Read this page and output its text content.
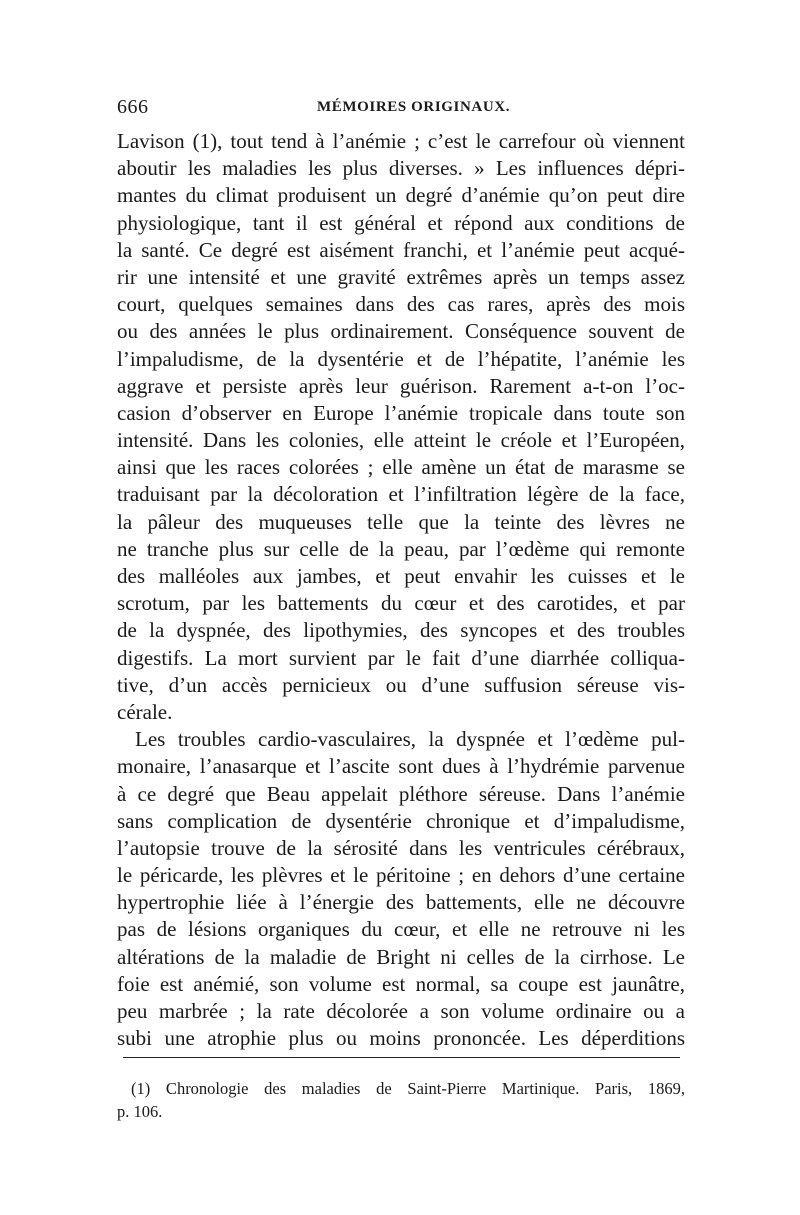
666	MÉMOIRES ORIGINAUX.
Lavison (1), tout tend à l’anémie ; c’est le carrefour où viennent
aboutir les maladies les plus diverses. » Les influences dépri-
mantes du climat produisent un degré d’anémie qu’on peut dire
physiologique, tant il est général et répond aux conditions de
la santé. Ce degré est aisément franchi, et l’anémie peut acqué-
rir une intensité et une gravité extrêmes après un temps assez
court, quelques semaines dans des cas rares, après des mois
ou des années le plus ordinairement. Conséquence souvent de
l’impaludisme, de la dysentérie et de l’hépatite, l’anémie les
aggrave et persiste après leur guérison. Rarement a-t-on l’oc-
casion d’observer en Europe l’anémie tropicale dans toute son
intensité. Dans les colonies, elle atteint le créole et l’Européen,
ainsi que les races colorées ; elle amène un état de marasme se
traduisant par la décoloration et l’infiltration légère de la face,
la pâleur des muqueuses telle que la teinte des lèvres ne
ne tranche plus sur celle de la peau, par l’œdème qui remonte
des malléoles aux jambes, et peut envahir les cuisses et le
scrotum, par les battements du cœur et des carotides, et par
de la dyspnée, des lipothymies, des syncopes et des troubles
digestifs. La mort survient par le fait d’une diarrhée colliqua-
tive, d’un accès pernicieux ou d’une suffusion séreuse vis-
cérale.
Les troubles cardio-vasculaires, la dyspnée et l’œdème pul-
monaire, l’anasarque et l’ascite sont dues à l’hydrémie parvenue
à ce degré que Beau appelait pléthore séreuse. Dans l’anémie
sans complication de dysentérie chronique et d’impaludisme,
l’autopsie trouve de la sérosité dans les ventricules cérébraux,
le péricarde, les plèvres et le péritoine ; en dehors d’une certaine
hypertrophie liée à l’énergie des battements, elle ne découvre
pas de lésions organiques du cœur, et elle ne retrouve ni les
altérations de la maladie de Bright ni celles de la cirrhose. Le
foie est anémié, son volume est normal, sa coupe est jaunâtre,
peu marbrée ; la rate décolorée a son volume ordinaire ou a
subi une atrophie plus ou moins prononcée. Les déperditions
(1) Chronologie des maladies de Saint-Pierre Martinique. Paris, 1869,
p. 106.
